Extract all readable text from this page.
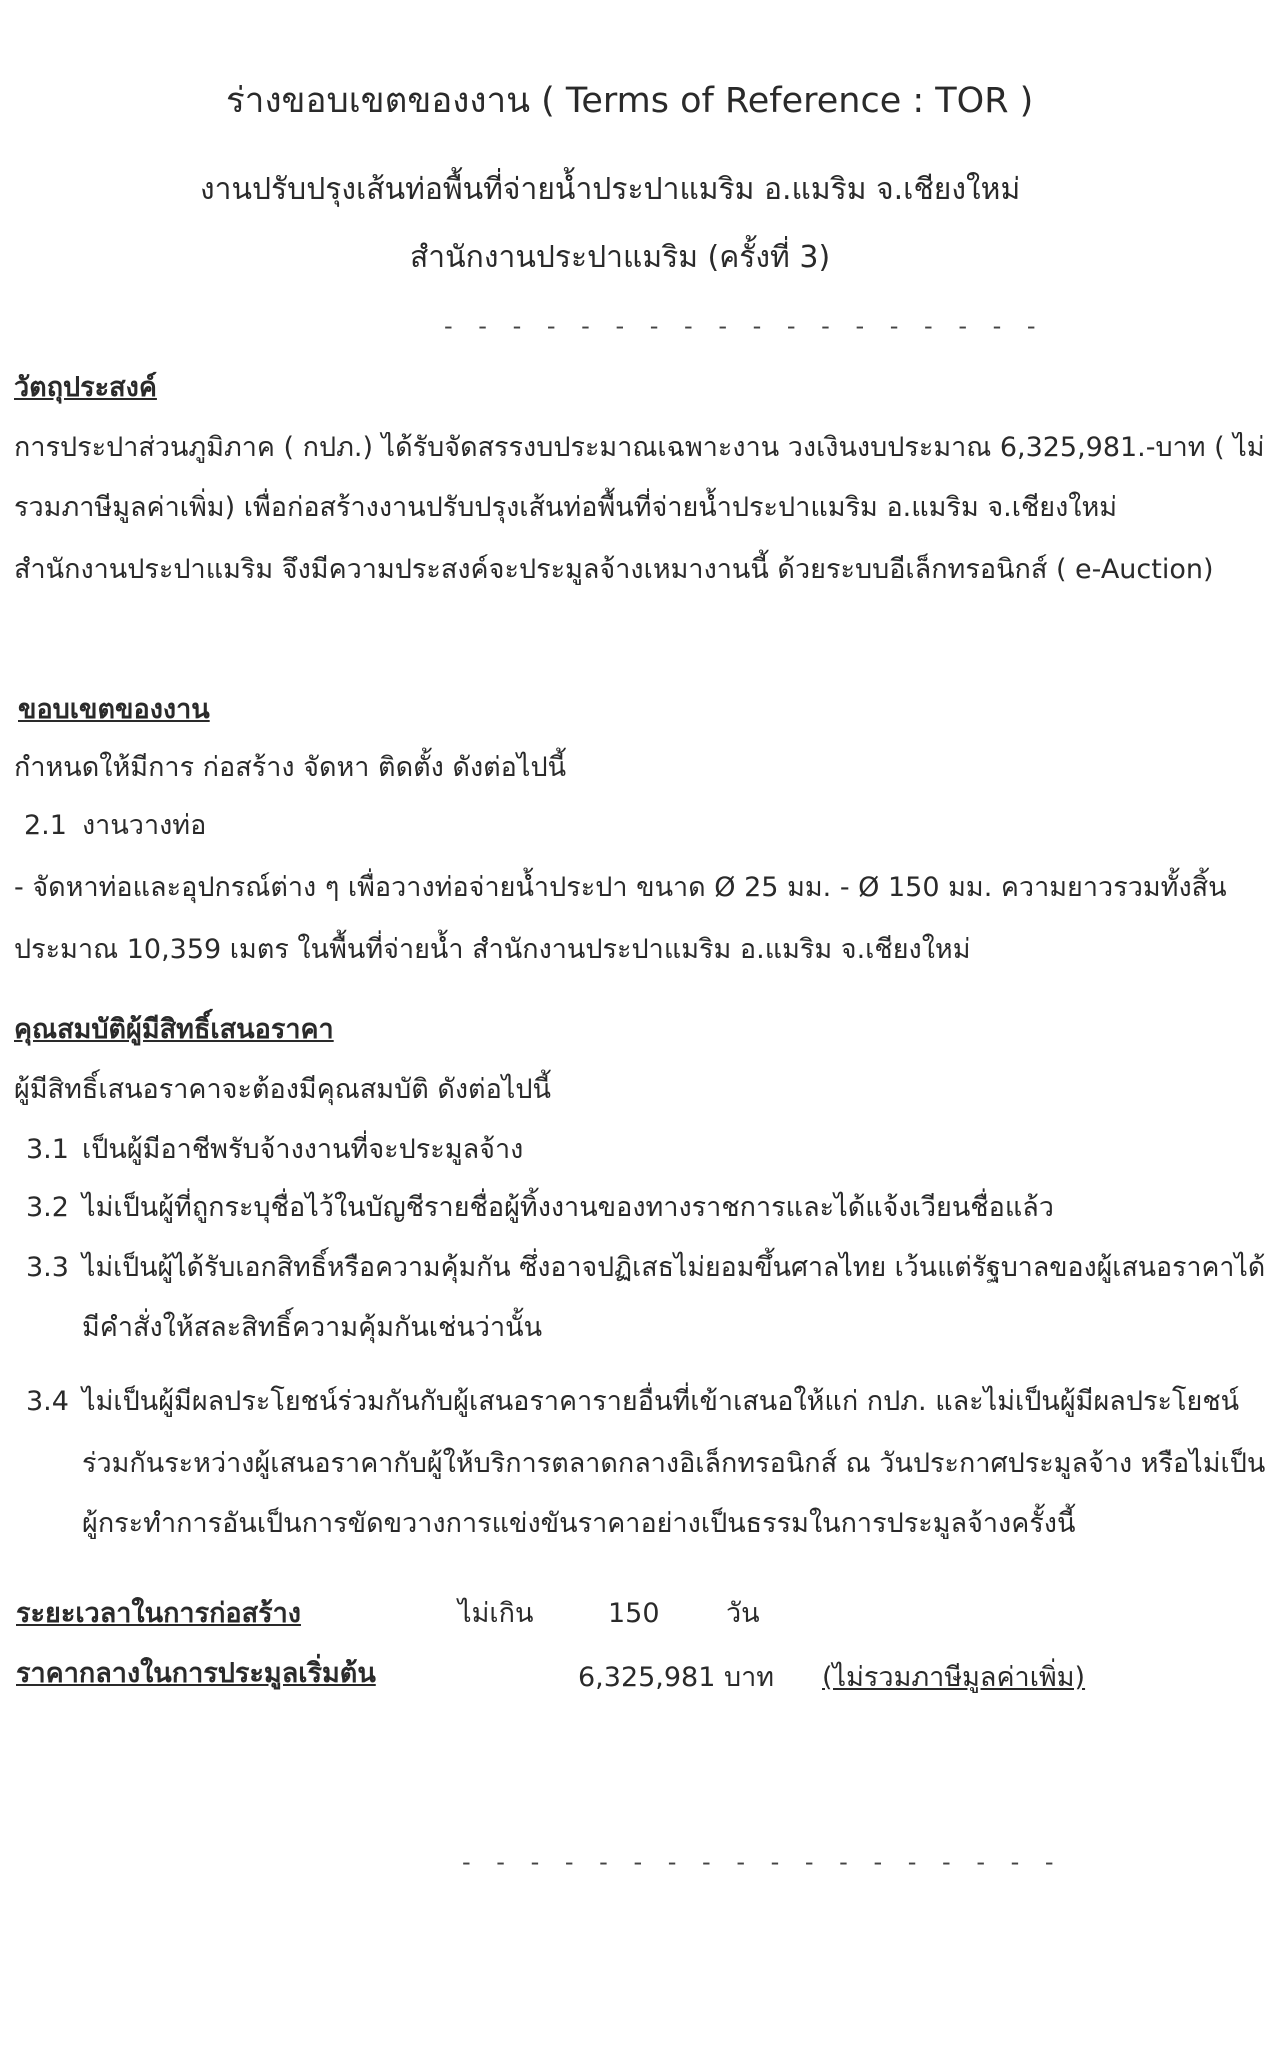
ร่างขอบเขตของงาน ( Terms of Reference : TOR )
งานปรับปรุงเส้นท่อพื้นที่จ่ายน้ำประปาแมริม อ.แมริม จ.เชียงใหม่
สำนักงานประปาแมริม (ครั้งที่ 3)
- - - - - - - - - - - - - - - - - -
วัตถุประสงค์
การประปาส่วนภูมิภาค ( กปภ.) ได้รับจัดสรรงบประมาณเฉพาะงาน วงเงินงบประมาณ 6,325,981.-บาท ( ไม่
รวมภาษีมูลค่าเพิ่ม) เพื่อก่อสร้างงานปรับปรุงเส้นท่อพื้นที่จ่ายน้ำประปาแมริม อ.แมริม จ.เชียงใหม่
สำนักงานประปาแมริม จึงมีความประสงค์จะประมูลจ้างเหมางานนี้ ด้วยระบบอีเล็กทรอนิกส์ ( e-Auction)
ขอบเขตของงาน
กำหนดให้มีการ ก่อสร้าง จัดหา ติดตั้ง ดังต่อไปนี้
2.1 งานวางท่อ
- จัดหาท่อและอุปกรณ์ต่าง ๆ เพื่อวางท่อจ่ายน้ำประปา ขนาด Ø 25 มม. - Ø 150 มม. ความยาวรวมทั้งสิ้น
ประมาณ 10,359 เมตร ในพื้นที่จ่ายน้ำ สำนักงานประปาแมริม อ.แมริม จ.เชียงใหม่
คุณสมบัติผู้มีสิทธิ์เสนอราคา
ผู้มีสิทธิ์เสนอราคาจะต้องมีคุณสมบัติ ดังต่อไปนี้
3.1 เป็นผู้มีอาชีพรับจ้างงานที่จะประมูลจ้าง
3.2 ไม่เป็นผู้ที่ถูกระบุชื่อไว้ในบัญชีรายชื่อผู้ทิ้งงานของทางราชการและได้แจ้งเวียนชื่อแล้ว
3.3 ไม่เป็นผู้ได้รับเอกสิทธิ์หรือความคุ้มกัน ซึ่งอาจปฏิเสธไม่ยอมขึ้นศาลไทย เว้นแต่รัฐบาลของผู้เสนอราคาได้
มีคำสั่งให้สละสิทธิ์ความคุ้มกันเช่นว่านั้น
3.4 ไม่เป็นผู้มีผลประโยชน์ร่วมกันกับผู้เสนอราคารายอื่นที่เข้าเสนอให้แก่ กปภ. และไม่เป็นผู้มีผลประโยชน์
ร่วมกันระหว่างผู้เสนอราคากับผู้ให้บริการตลาดกลางอิเล็กทรอนิกส์ ณ วันประกาศประมูลจ้าง หรือไม่เป็น
ผู้กระทำการอันเป็นการขัดขวางการแข่งขันราคาอย่างเป็นธรรมในการประมูลจ้างครั้งนี้
ระยะเวลาในการก่อสร้าง	ไม่เกิน	150 วัน
ราคากลางในการประมูลเริ่มต้น	6,325,981 บาท (ไม่รวมภาษีมูลค่าเพิ่ม)
- - - - - - - - - - - - - - - - - -
